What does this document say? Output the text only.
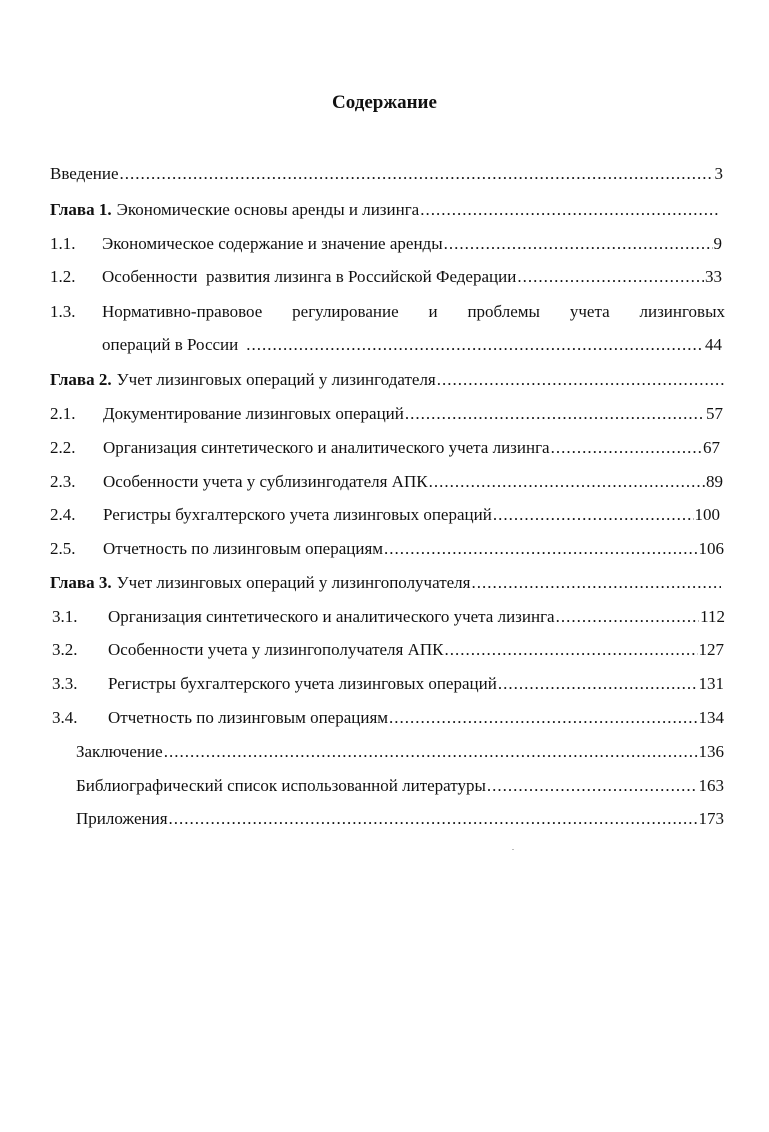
Содержание
Введение .....	3
Глава 1. Экономические основы аренды и лизинга
.....
1.1.	Экономическое содержание и значение аренды .....	9
1.2.	Особенности  развития лизинга в Российской Федерации .....	33
1.3.	Нормативно-правовое регулирование и проблемы учета лизинговых
операций в России .....	44
Глава 2. Учет лизинговых операций у лизингодателя
.....
2.1.	Документирование лизинговых операций .....	57
2.2.	Организация синтетического и аналитического учета лизинга .....	67
2.3.	Особенности учета у сублизингодателя АПК .....	89
2.4.	Регистры бухгалтерского учета лизинговых операций .....	100
2.5.	Отчетность по лизинговым операциям .....	106
Глава 3. Учет лизинговых операций у лизингополучателя
.....
3.1.	Организация синтетического и аналитического учета лизинга .....	112
3.2.	Особенности учета у лизингополучателя АПК .....	127
3.3.	Регистры бухгалтерского учета лизинговых операций .....	131
3.4.	Отчетность по лизинговым операциям .....	134
Заключение .....	136
Библиографический список использованной литературы .....	163
Приложения .....	173
